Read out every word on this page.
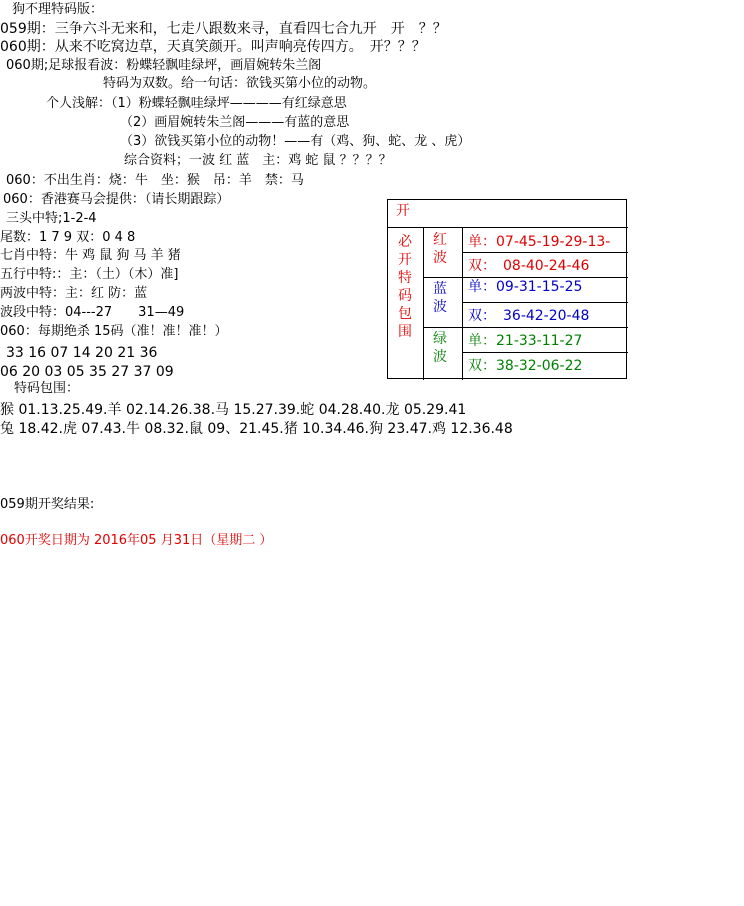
狗不理特码版：
059期：三争六斗无来和，七走八跟数来寻，直看四七合九开　开　？？
060期：从来不吃窝边草，天真笑颜开。叫声响亮传四方。　开？？？
060期;足球报看波：粉蝶轻飘哇绿坪，画眉婉转朱兰阁
特码为双数。给一句话：欲钱买第小位的动物。
个人浅解：（1）粉蝶轻飘哇绿坪————有红绿意思
（2）画眉婉转朱兰阁———有蓝的意思
（3）欲钱买第小位的动物！——有（鸡、狗、蛇、龙 、虎）
综合资料；一波 红 蓝　主：鸡 蛇 鼠 ？？？？
060：不出生肖：烧：牛　坐：猴　吊：羊　禁：马
060：香港赛马会提供：（请长期跟踪）
三头中特;1-2-4
尾数：1 7 9 双：0 4 8
七肖中特：牛 鸡 鼠 狗 马 羊 猪
五行中特:：主：（土）（木）准]
两波中特：主：红 防：蓝
波段中特：04---27　　31—49
060：每期绝杀 15码（准！准！准！）
33 16 07 14 20 21 36
06 20 03 05 35 27 37 09
特码包围：
猴 01.13.25.49.羊 02.14.26.38.马 15.27.39.蛇 04.28.40.龙 05.29.41
兔 18.42.虎 07.43.牛 08.32.鼠 09、21.45.猪 10.34.46.狗 23.47.鸡 12.36.48
059期开奖结果:
060开奖日期为 2016年05 月31日（星期二 ）
开
必开特码包围
红波
蓝波
绿波
单：07-45-19-29-13-
双：　08-40-24-46
单：09-31-15-25
双：　36-42-20-48
单：21-33-11-27
双：38-32-06-22
